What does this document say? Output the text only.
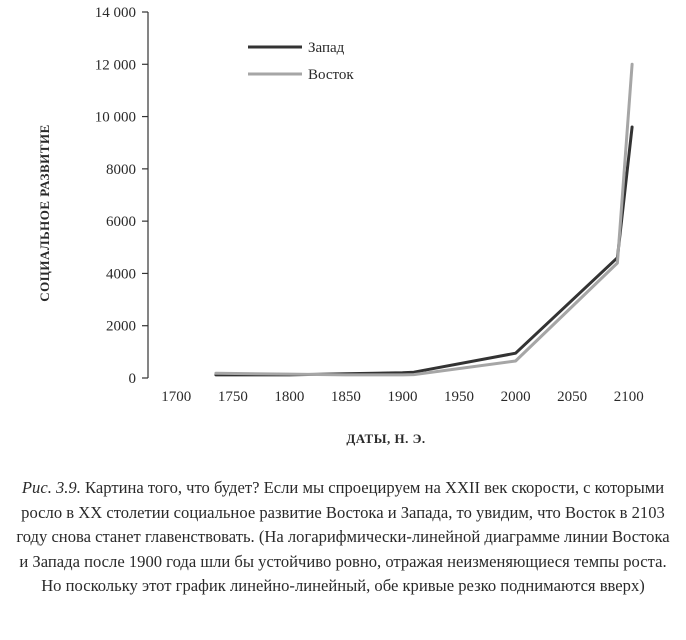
0
2000
4000
6000
8000
10 000
12 000
14 000
1700 1750 1800 1850 1900 1950 2000 2050 2100
Запад
Восток
ДАТЫ, Н. Э.
СОЦИАЛЬНОЕ РАЗВИТИЕ

Рис. 3.9. Картина того, что будет? Если мы спроецируем на XXII век скорости, с которыми росло в XX столетии социальное развитие Востока и Запада, то увидим, что Восток в 2103 году снова станет главенствовать. (На логарифмически-линейной диаграмме линии Востока и Запада после 1900 года шли бы устойчиво ровно, отражая неизменяющиеся темпы роста. Но поскольку этот график линейно-линейный, обе кривые резко поднимаются вверх)
